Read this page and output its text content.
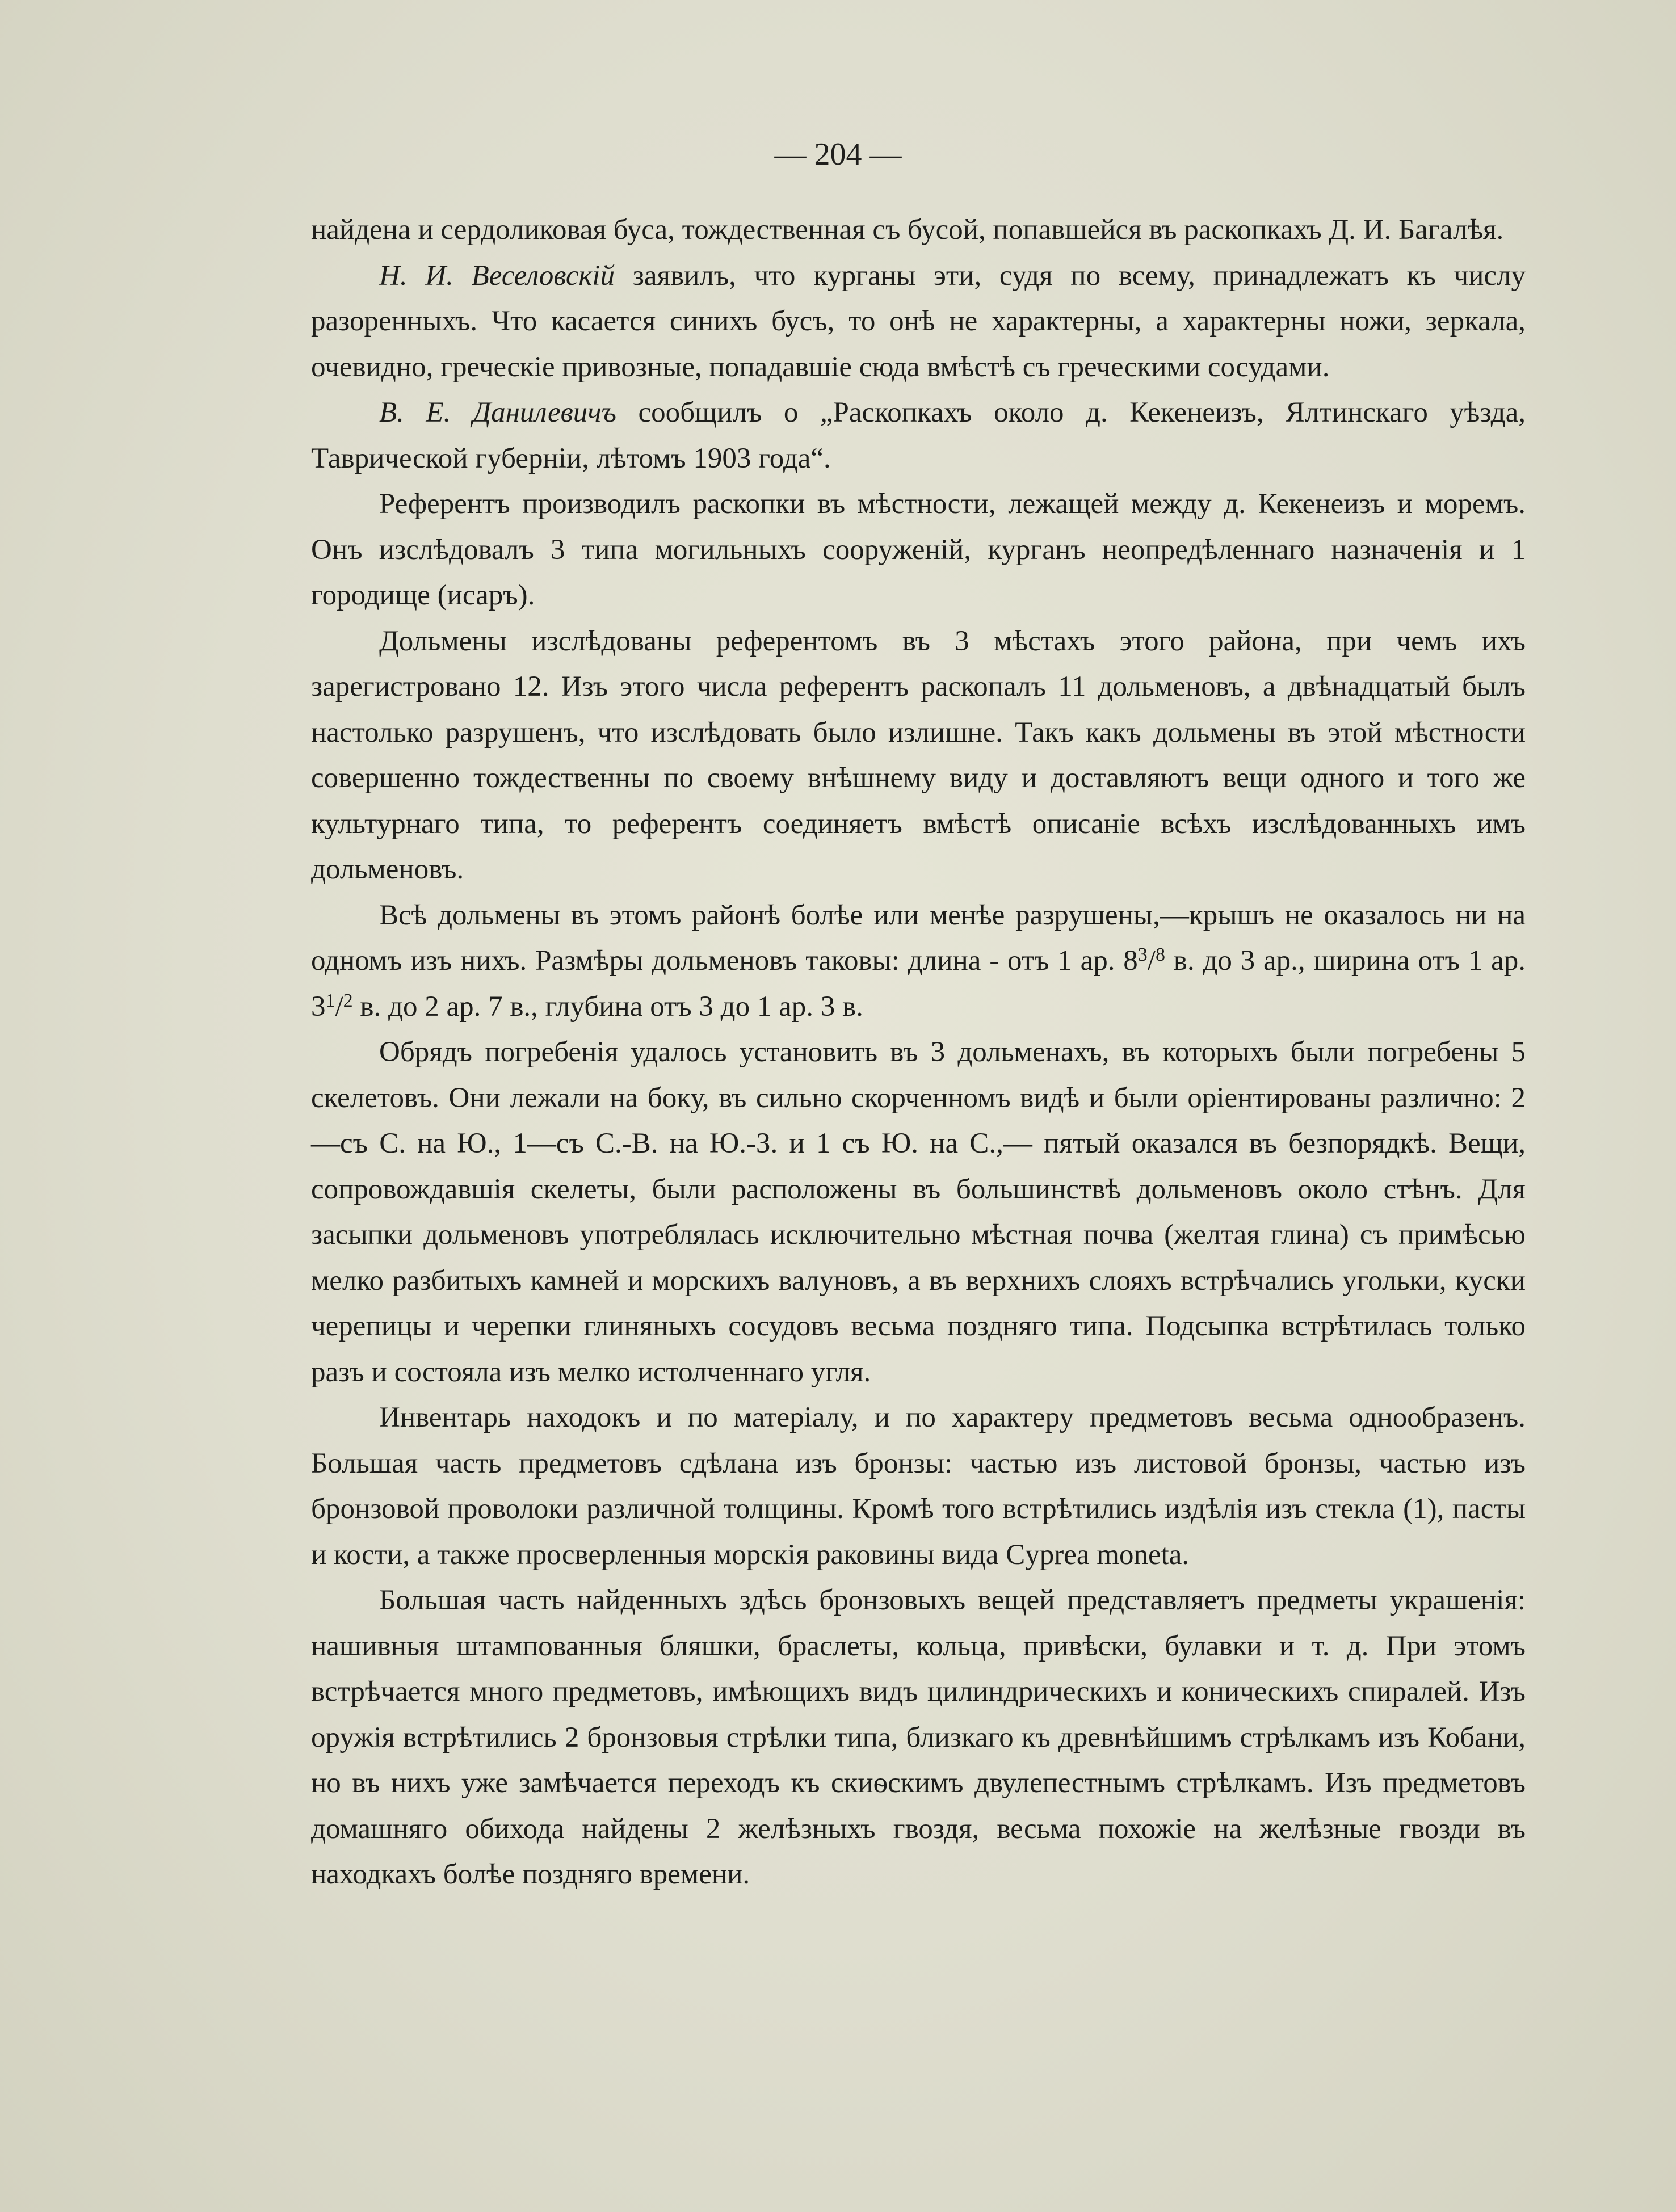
— 204 —

найдена и сердоликовая буса, тождественная съ бусой, попавшейся въ раскопкахъ Д. И. Багалѣя.

Н. И. Веселовскій заявилъ, что курганы эти, судя по всему, принадлежатъ къ числу разоренныхъ. Что касается синихъ бусъ, то онѣ не характерны, а характерны ножи, зеркала, очевидно, греческіе привозные, попадавшіе сюда вмѣстѣ съ греческими сосудами.

В. Е. Данилевичъ сообщилъ о „Раскопкахъ около д. Кекенеизъ, Ялтинскаго уѣзда, Таврической губерніи, лѣтомъ 1903 года“.

Референтъ производилъ раскопки въ мѣстности, лежащей между д. Кекенеизъ и моремъ. Онъ изслѣдовалъ 3 типа могильныхъ сооруженій, курганъ неопредѣленнаго назначенія и 1 городище (исаръ).

Дольмены изслѣдованы референтомъ въ 3 мѣстахъ этого района, при чемъ ихъ зарегистровано 12. Изъ этого числа референтъ раскопалъ 11 дольменовъ, а двѣнадцатый былъ настолько разрушенъ, что изслѣдовать было излишне. Такъ какъ дольмены въ этой мѣстности совершенно тождественны по своему внѣшнему виду и доставляютъ вещи одного и того же культурнаго типа, то референтъ соединяетъ вмѣстѣ описаніе всѣхъ изслѣдованныхъ имъ дольменовъ.

Всѣ дольмены въ этомъ районѣ болѣе или менѣе разрушены,—крышъ не оказалось ни на одномъ изъ нихъ. Размѣры дольменовъ таковы: длина - отъ 1 ар. $8^3/^8$ в. до 3 ар., ширина отъ 1 ар. $3^1/^2$ в. до 2 ар. 7 в., глубина отъ 3 до 1 ар. 3 в.

Обрядъ погребенія удалось установить въ 3 дольменахъ, въ которыхъ были погребены 5 скелетовъ. Они лежали на боку, въ сильно скорченномъ видѣ и были оріентированы различно: 2—съ С. на Ю., 1—съ С.-В. на Ю.-З. и 1 съ Ю. на С.,— пятый оказался въ безпорядкѣ. Вещи, сопровождавшія скелеты, были расположены въ большинствѣ дольменовъ около стѣнъ. Для засыпки дольменовъ употреблялась исключительно мѣстная почва (желтая глина) съ примѣсью мелко разбитыхъ камней и морскихъ валуновъ, а въ верхнихъ слояхъ встрѣчались угольки, куски черепицы и черепки глиняныхъ сосудовъ весьма поздняго типа. Подсыпка встрѣтилась только разъ и состояла изъ мелко истолченнаго угля.

Инвентарь находокъ и по матеріалу, и по характеру предметовъ весьма однообразенъ. Большая часть предметовъ сдѣлана изъ бронзы: частью изъ листовой бронзы, частью изъ бронзовой проволоки различной толщины. Кромѣ того встрѣтились издѣлія изъ стекла (1), пасты и кости, а также просверленныя морскія раковины вида Cyprea moneta.

Большая часть найденныхъ здѣсь бронзовыхъ вещей представляетъ предметы украшенія: нашивныя штампованныя бляшки, браслеты, кольца, привѣски, булавки и т. д. При этомъ встрѣчается много предметовъ, имѣющихъ видъ цилиндрическихъ и коническихъ спиралей. Изъ оружія встрѣтились 2 бронзовыя стрѣлки типа, близкаго къ древнѣйшимъ стрѣлкамъ изъ Кобани, но въ нихъ уже замѣчается переходъ къ скиѳскимъ двулепестнымъ стрѣлкамъ. Изъ предметовъ домашняго обихода найдены 2 желѣзныхъ гвоздя, весьма похожіе на желѣзные гвозди въ находкахъ болѣе поздняго времени.
